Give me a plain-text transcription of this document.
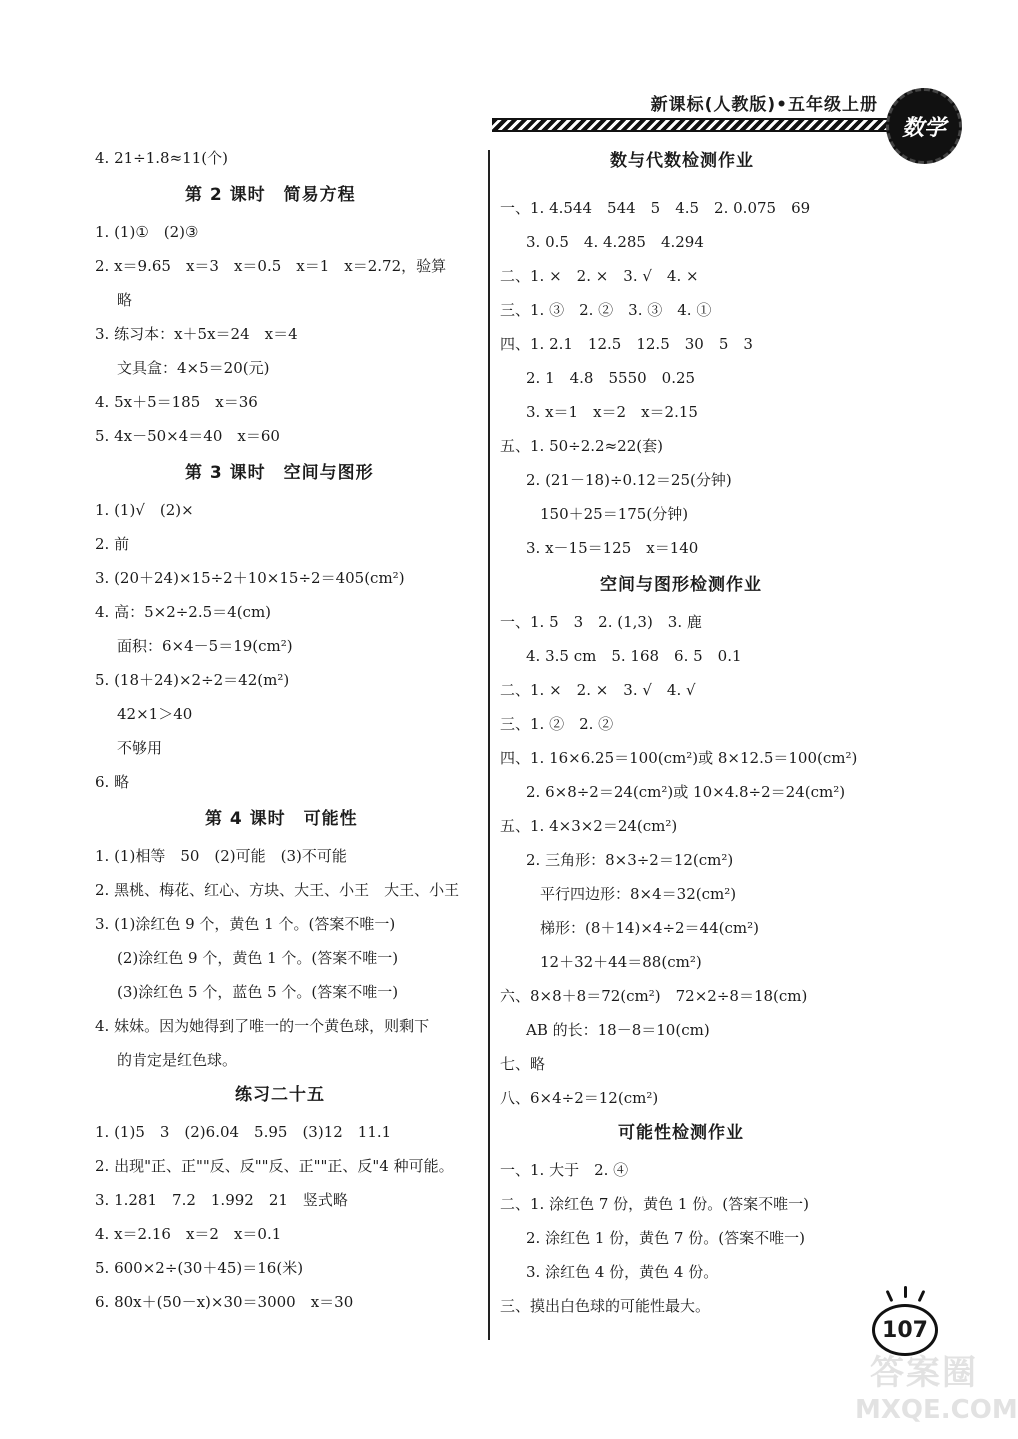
新课标(人教版)•五年级上册
数学
4. 21÷1.8≈11(个)
第 2 课时　简易方程
1. (1)①　(2)③
2. x＝9.65　x＝3　x＝0.5　x＝1　x＝2.72，验算
略
3. 练习本：x＋5x＝24　x＝4
文具盒：4×5＝20(元)
4. 5x＋5＝185　x＝36
5. 4x－50×4＝40　x＝60
第 3 课时　空间与图形
1. (1)√　(2)×
2. 前
3. (20＋24)×15÷2＋10×15÷2＝405(cm²)
4. 高：5×2÷2.5＝4(cm)
面积：6×4－5＝19(cm²)
5. (18＋24)×2÷2＝42(m²)
42×1＞40
不够用
6. 略
第 4 课时　可能性
1. (1)相等　50　(2)可能　(3)不可能
2. 黑桃、梅花、红心、方块、大王、小王　大王、小王
3. (1)涂红色 9 个，黄色 1 个。(答案不唯一)
(2)涂红色 9 个，黄色 1 个。(答案不唯一)
(3)涂红色 5 个，蓝色 5 个。(答案不唯一)
4. 妹妹。因为她得到了唯一的一个黄色球，则剩下
的肯定是红色球。
练习二十五
1. (1)5　3　(2)6.04　5.95　(3)12　11.1
2. 出现"正、正""反、反""反、正""正、反"4 种可能。
3. 1.281　7.2　1.992　21　竖式略
4. x＝2.16　x＝2　x＝0.1
5. 600×2÷(30＋45)＝16(米)
6. 80x＋(50－x)×30＝3000　x＝30
数与代数检测作业
一、1. 4.544　544　5　4.5　2. 0.075　69
3. 0.5　4. 4.285　4.294
二、1. ×　2. ×　3. √　4. ×
三、1. ③　2. ②　3. ③　4. ①
四、1. 2.1　12.5　12.5　30　5　3
2. 1　4.8　5550　0.25
3. x＝1　x＝2　x＝2.15
五、1. 50÷2.2≈22(套)
2. (21－18)÷0.12＝25(分钟)
150＋25＝175(分钟)
3. x－15＝125　x＝140
空间与图形检测作业
一、1. 5　3　2. (1,3)　3. 鹿
4. 3.5 cm　5. 168　6. 5　0.1
二、1. ×　2. ×　3. √　4. √
三、1. ②　2. ②
四、1. 16×6.25＝100(cm²)或 8×12.5＝100(cm²)
2. 6×8÷2＝24(cm²)或 10×4.8÷2＝24(cm²)
五、1. 4×3×2＝24(cm²)
2. 三角形：8×3÷2＝12(cm²)
平行四边形：8×4＝32(cm²)
梯形：(8＋14)×4÷2＝44(cm²)
12＋32＋44＝88(cm²)
六、8×8＋8＝72(cm²)　72×2÷8＝18(cm)
AB 的长：18－8＝10(cm)
七、略
八、6×4÷2＝12(cm²)
可能性检测作业
一、1. 大于　2. ④
二、1. 涂红色 7 份，黄色 1 份。(答案不唯一)
2. 涂红色 1 份，黄色 7 份。(答案不唯一)
3. 涂红色 4 份，黄色 4 份。
三、摸出白色球的可能性最大。
107
答案圈
MXQE.COM
